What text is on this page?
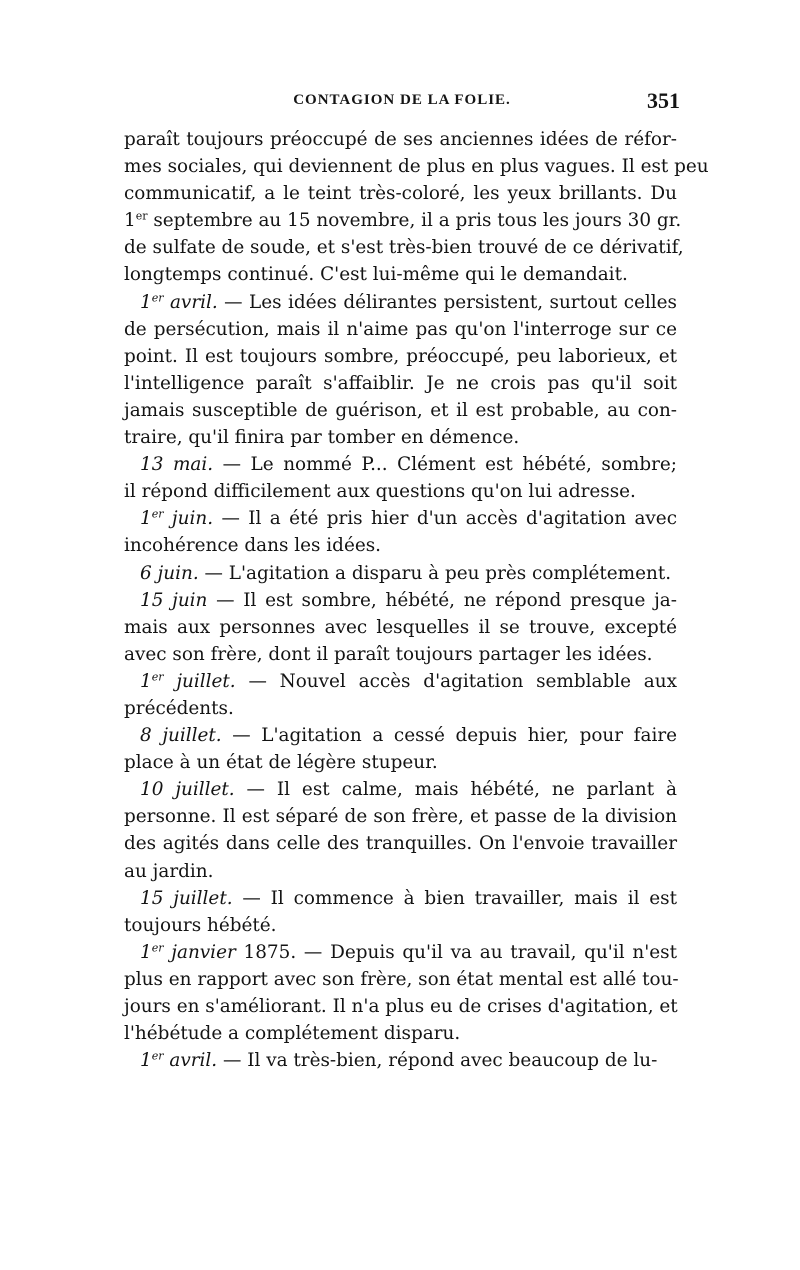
CONTAGION DE LA FOLIE.	351
paraît toujours préoccupé de ses anciennes idées de réfor-
mes sociales, qui deviennent de plus en plus vagues. Il est peu
communicatif, a le teint très-coloré, les yeux brillants. Du
1er septembre au 15 novembre, il a pris tous les jours 30 gr.
de sulfate de soude, et s'est très-bien trouvé de ce dérivatif,
longtemps continué. C'est lui-même qui le demandait.
1er avril. — Les idées délirantes persistent, surtout celles
de persécution, mais il n'aime pas qu'on l'interroge sur ce
point. Il est toujours sombre, préoccupé, peu laborieux, et
l'intelligence paraît s'affaiblir. Je ne crois pas qu'il soit
jamais susceptible de guérison, et il est probable, au con-
traire, qu'il finira par tomber en démence.
13 mai. — Le nommé P... Clément est hébété, sombre;
il répond difficilement aux questions qu'on lui adresse.
1er juin. — Il a été pris hier d'un accès d'agitation avec
incohérence dans les idées.
6 juin. — L'agitation a disparu à peu près complétement.
15 juin — Il est sombre, hébété, ne répond presque ja-
mais aux personnes avec lesquelles il se trouve, excepté
avec son frère, dont il paraît toujours partager les idées.
1er juillet. — Nouvel accès d'agitation semblable aux
précédents.
8 juillet. — L'agitation a cessé depuis hier, pour faire
place à un état de légère stupeur.
10 juillet. — Il est calme, mais hébété, ne parlant à
personne. Il est séparé de son frère, et passe de la division
des agités dans celle des tranquilles. On l'envoie travailler
au jardin.
15 juillet. — Il commence à bien travailler, mais il est
toujours hébété.
1er janvier 1875. — Depuis qu'il va au travail, qu'il n'est
plus en rapport avec son frère, son état mental est allé tou-
jours en s'améliorant. Il n'a plus eu de crises d'agitation, et
l'hébétude a complétement disparu.
1er avril. — Il va très-bien, répond avec beaucoup de lu-
